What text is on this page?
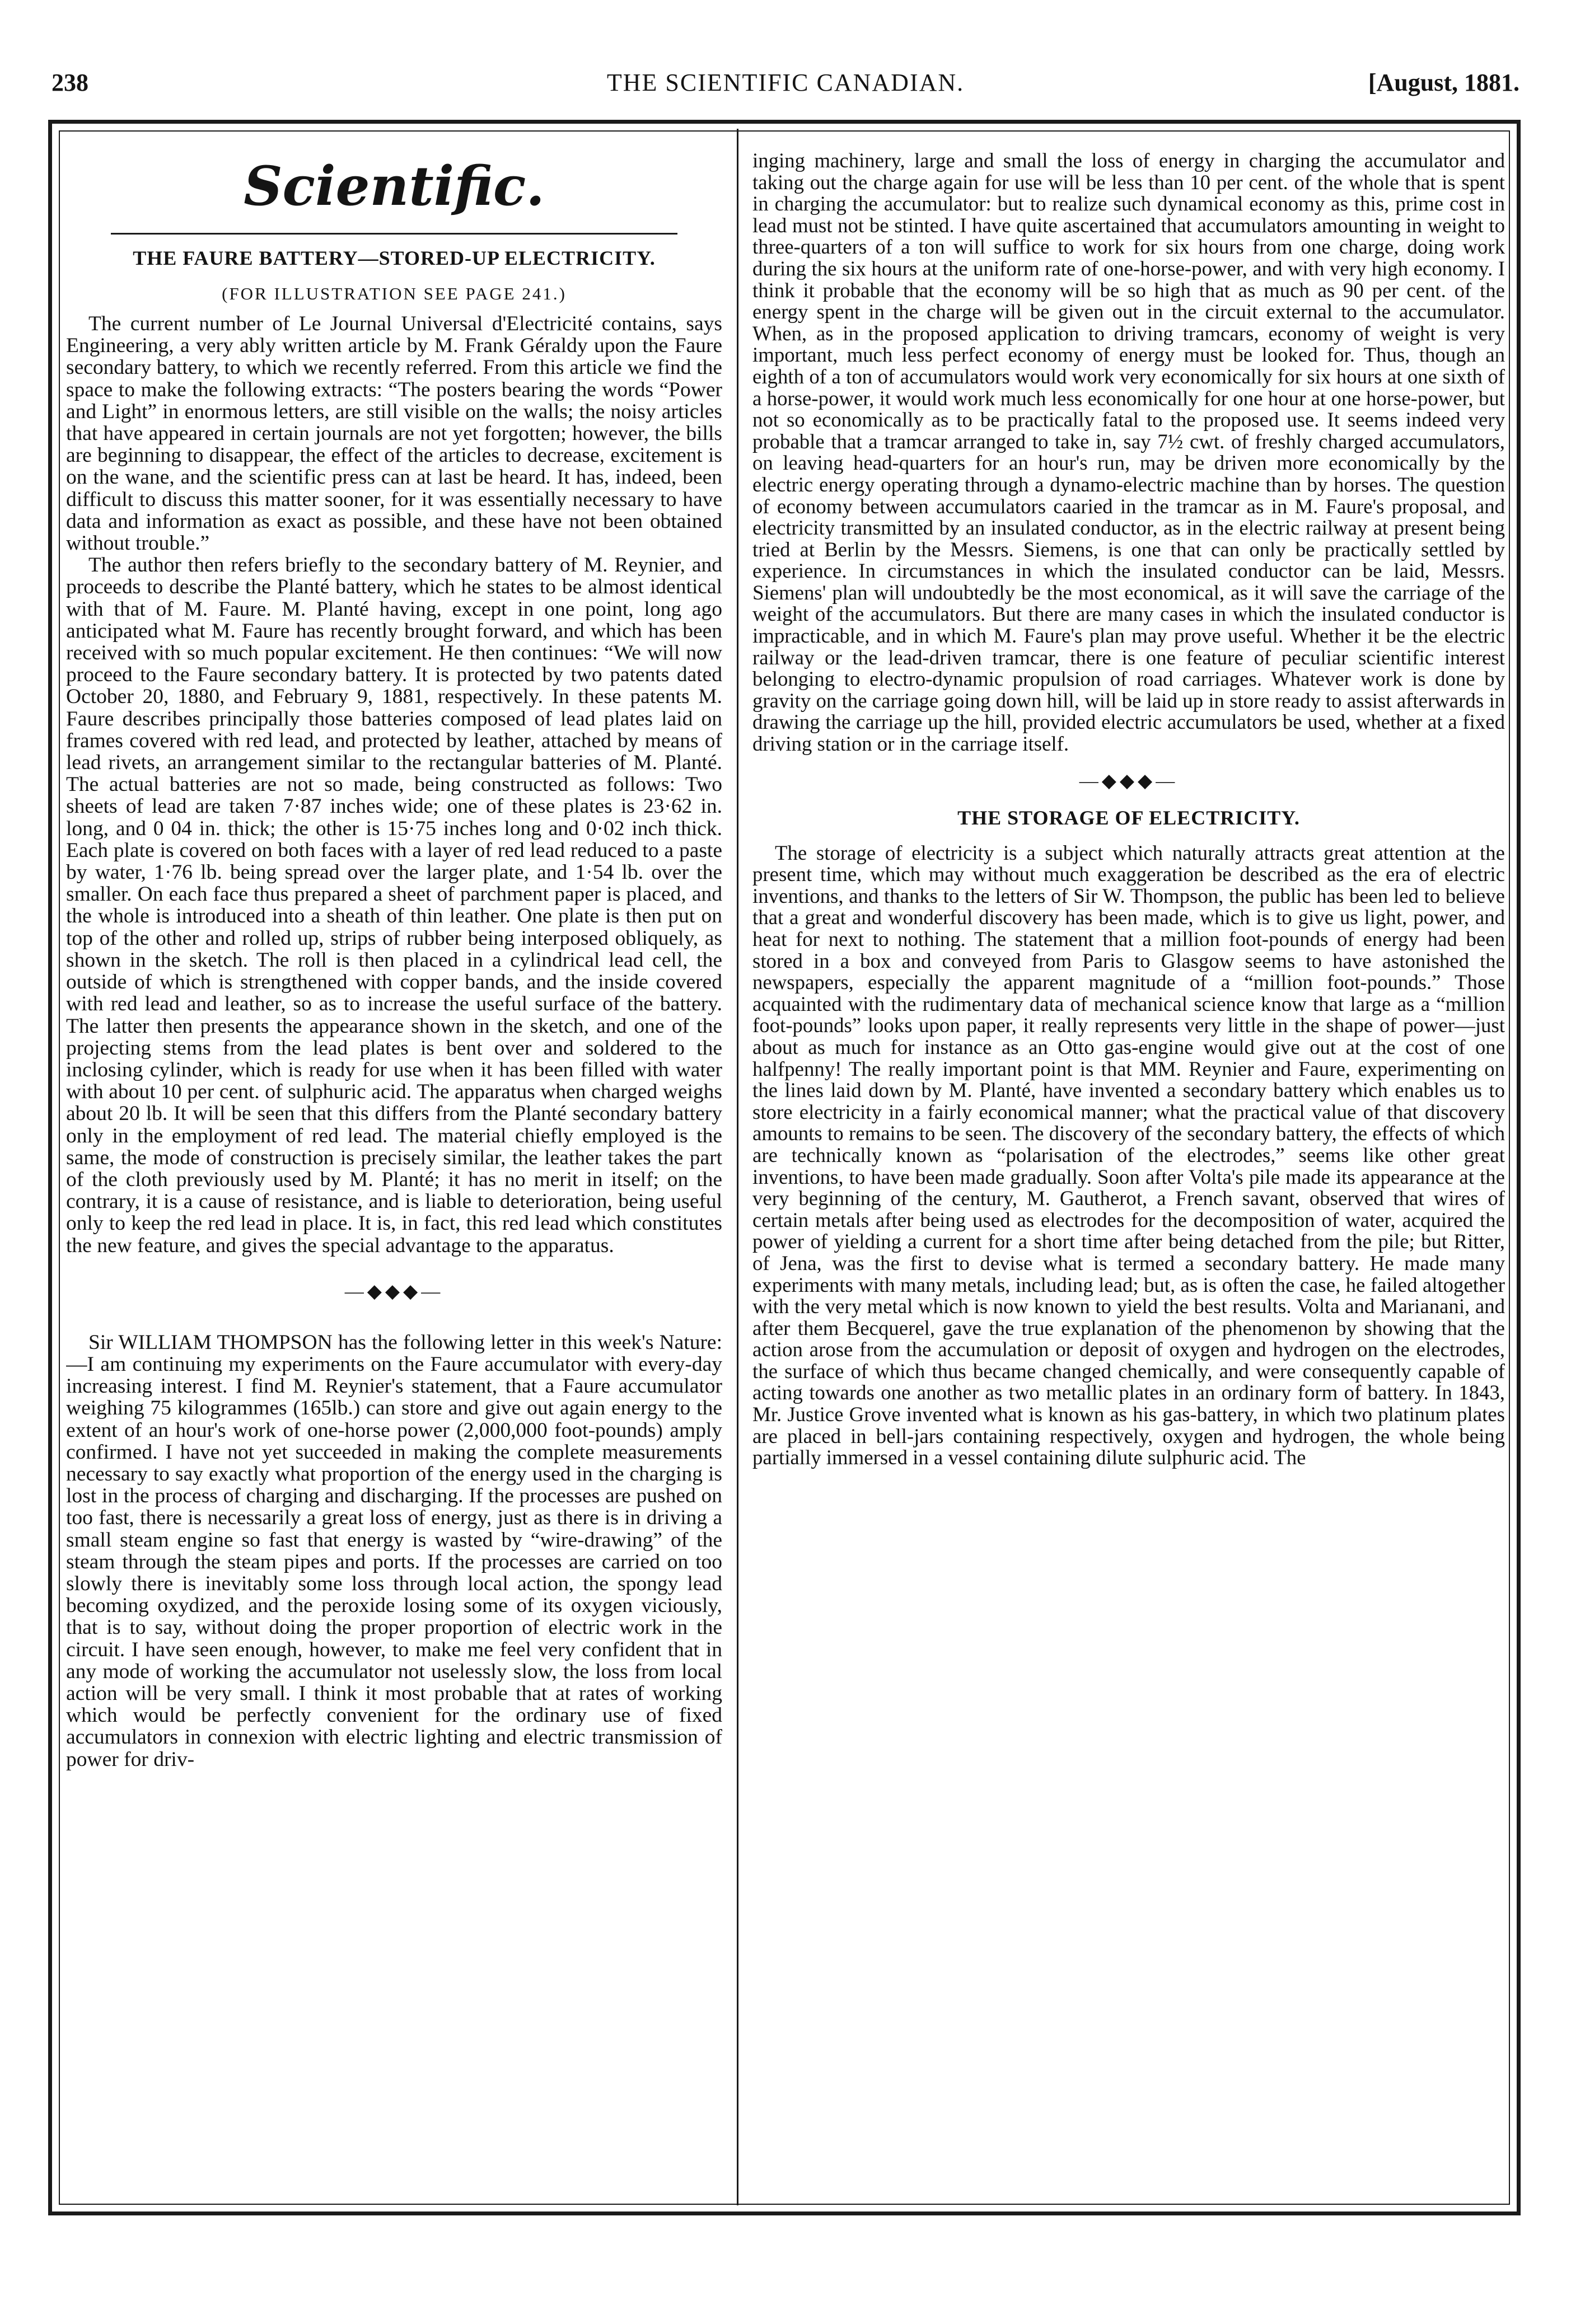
238	THE SCIENTIFIC CANADIAN.	[August, 1881.
Scientific.
THE FAURE BATTERY—STORED-UP ELECTRICITY.
(FOR ILLUSTRATION SEE PAGE 241.)

The current number of Le Journal Universal d'Electricité contains, says Engineering, a very ably written article by M. Frank Géraldy upon the Faure secondary battery, to which we recently referred. From this article we find the space to make the following extracts: “The posters bearing the words “Power and Light” in enormous letters, are still visible on the walls; the noisy articles that have appeared in certain journals are not yet forgotten; however, the bills are beginning to disappear, the effect of the articles to decrease, excitement is on the wane, and the scientific press can at last be heard. It has, indeed, been difficult to discuss this matter sooner, for it was essentially necessary to have data and information as exact as possible, and these have not been obtained without trouble.”

The author then refers briefly to the secondary battery of M. Reynier, and proceeds to describe the Planté battery, which he states to be almost identical with that of M. Faure. M. Planté having, except in one point, long ago anticipated what M. Faure has recently brought forward, and which has been received with so much popular excitement. He then continues: “We will now proceed to the Faure secondary battery. It is protected by two patents dated October 20, 1880, and February 9, 1881, respectively. In these patents M. Faure describes principally those batteries composed of lead plates laid on frames covered with red lead, and protected by leather, attached by means of lead rivets, an arrangement similar to the rectangular batteries of M. Planté. The actual batteries are not so made, being constructed as follows: Two sheets of lead are taken 7·87 inches wide; one of these plates is 23·62 in. long, and 0 04 in. thick; the other is 15·75 inches long and 0·02 inch thick. Each plate is covered on both faces with a layer of red lead reduced to a paste by water, 1·76 lb. being spread over the larger plate, and 1·54 lb. over the smaller. On each face thus prepared a sheet of parchment paper is placed, and the whole is introduced into a sheath of thin leather. One plate is then put on top of the other and rolled up, strips of rubber being interposed obliquely, as shown in the sketch. The roll is then placed in a cylindrical lead cell, the outside of which is strengthened with copper bands, and the inside covered with red lead and leather, so as to increase the useful surface of the battery. The latter then presents the appearance shown in the sketch, and one of the projecting stems from the lead plates is bent over and soldered to the inclosing cylinder, which is ready for use when it has been filled with water with about 10 per cent. of sulphuric acid. The apparatus when charged weighs about 20 lb. It will be seen that this differs from the Planté secondary battery only in the employment of red lead. The material chiefly employed is the same, the mode of construction is precisely similar, the leather takes the part of the cloth previously used by M. Planté; it has no merit in itself; on the contrary, it is a cause of resistance, and is liable to deterioration, being useful only to keep the red lead in place. It is, in fact, this red lead which constitutes the new feature, and gives the special advantage to the apparatus.

—◆◆◆—

Sir WILLIAM THOMPSON has the following letter in this week's Nature:—I am continuing my experiments on the Faure accumulator with every-day increasing interest. I find M. Reynier's statement, that a Faure accumulator weighing 75 kilogrammes (165lb.) can store and give out again energy to the extent of an hour's work of one-horse power (2,000,000 foot-pounds) amply confirmed. I have not yet succeeded in making the complete measurements necessary to say exactly what proportion of the energy used in the charging is lost in the process of charging and discharging. If the processes are pushed on too fast, there is necessarily a great loss of energy, just as there is in driving a small steam engine so fast that energy is wasted by “wire-drawing” of the steam through the steam pipes and ports. If the processes are carried on too slowly there is inevitably some loss through local action, the spongy lead becoming oxydized, and the peroxide losing some of its oxygen viciously, that is to say, without doing the proper proportion of electric work in the circuit. I have seen enough, however, to make me feel very confident that in any mode of working the accumulator not uselessly slow, the loss from local action will be very small. I think it most probable that at rates of working which would be perfectly convenient for the ordinary use of fixed accumulators in connexion with electric lighting and electric transmission of power for driv-

inging machinery, large and small the loss of energy in charging the accumulator and taking out the charge again for use will be less than 10 per cent. of the whole that is spent in charging the accumulator: but to realize such dynamical economy as this, prime cost in lead must not be stinted. I have quite ascertained that accumulators amounting in weight to three-quarters of a ton will suffice to work for six hours from one charge, doing work during the six hours at the uniform rate of one-horse-power, and with very high economy. I think it probable that the economy will be so high that as much as 90 per cent. of the energy spent in the charge will be given out in the circuit external to the accumulator. When, as in the proposed application to driving tramcars, economy of weight is very important, much less perfect economy of energy must be looked for. Thus, though an eighth of a ton of accumulators would work very economically for six hours at one sixth of a horse-power, it would work much less economically for one hour at one horse-power, but not so economically as to be practically fatal to the proposed use. It seems indeed very probable that a tramcar arranged to take in, say 7½ cwt. of freshly charged accumulators, on leaving head-quarters for an hour's run, may be driven more economically by the electric energy operating through a dynamo-electric machine than by horses. The question of economy between accumulators caaried in the tramcar as in M. Faure's proposal, and electricity transmitted by an insulated conductor, as in the electric railway at present being tried at Berlin by the Messrs. Siemens, is one that can only be practically settled by experience. In circumstances in which the insulated conductor can be laid, Messrs. Siemens' plan will undoubtedly be the most economical, as it will save the carriage of the weight of the accumulators. But there are many cases in which the insulated conductor is impracticable, and in which M. Faure's plan may prove useful. Whether it be the electric railway or the lead-driven tramcar, there is one feature of peculiar scientific interest belonging to electro-dynamic propulsion of road carriages. Whatever work is done by gravity on the carriage going down hill, will be laid up in store ready to assist afterwards in drawing the carriage up the hill, provided electric accumulators be used, whether at a fixed driving station or in the carriage itself.

—◆◆◆—
THE STORAGE OF ELECTRICITY.

The storage of electricity is a subject which naturally attracts great attention at the present time, which may without much exaggeration be described as the era of electric inventions, and thanks to the letters of Sir W. Thompson, the public has been led to believe that a great and wonderful discovery has been made, which is to give us light, power, and heat for next to nothing. The statement that a million foot-pounds of energy had been stored in a box and conveyed from Paris to Glasgow seems to have astonished the newspapers, especially the apparent magnitude of a “million foot-pounds.” Those acquainted with the rudimentary data of mechanical science know that large as a “million foot-pounds” looks upon paper, it really represents very little in the shape of power—just about as much for instance as an Otto gas-engine would give out at the cost of one halfpenny! The really important point is that MM. Reynier and Faure, experimenting on the lines laid down by M. Planté, have invented a secondary battery which enables us to store electricity in a fairly economical manner; what the practical value of that discovery amounts to remains to be seen. The discovery of the secondary battery, the effects of which are technically known as “polarisation of the electrodes,” seems like other great inventions, to have been made gradually. Soon after Volta's pile made its appearance at the very beginning of the century, M. Gautherot, a French savant, observed that wires of certain metals after being used as electrodes for the decomposition of water, acquired the power of yielding a current for a short time after being detached from the pile; but Ritter, of Jena, was the first to devise what is termed a secondary battery. He made many experiments with many metals, including lead; but, as is often the case, he failed altogether with the very metal which is now known to yield the best results. Volta and Marianani, and after them Becquerel, gave the true explanation of the phenomenon by showing that the action arose from the accumulation or deposit of oxygen and hydrogen on the electrodes, the surface of which thus became changed chemically, and were consequently capable of acting towards one another as two metallic plates in an ordinary form of battery. In 1843, Mr. Justice Grove invented what is known as his gas-battery, in which two platinum plates are placed in bell-jars containing respectively, oxygen and hydrogen, the whole being partially immersed in a vessel containing dilute sulphuric acid. The
